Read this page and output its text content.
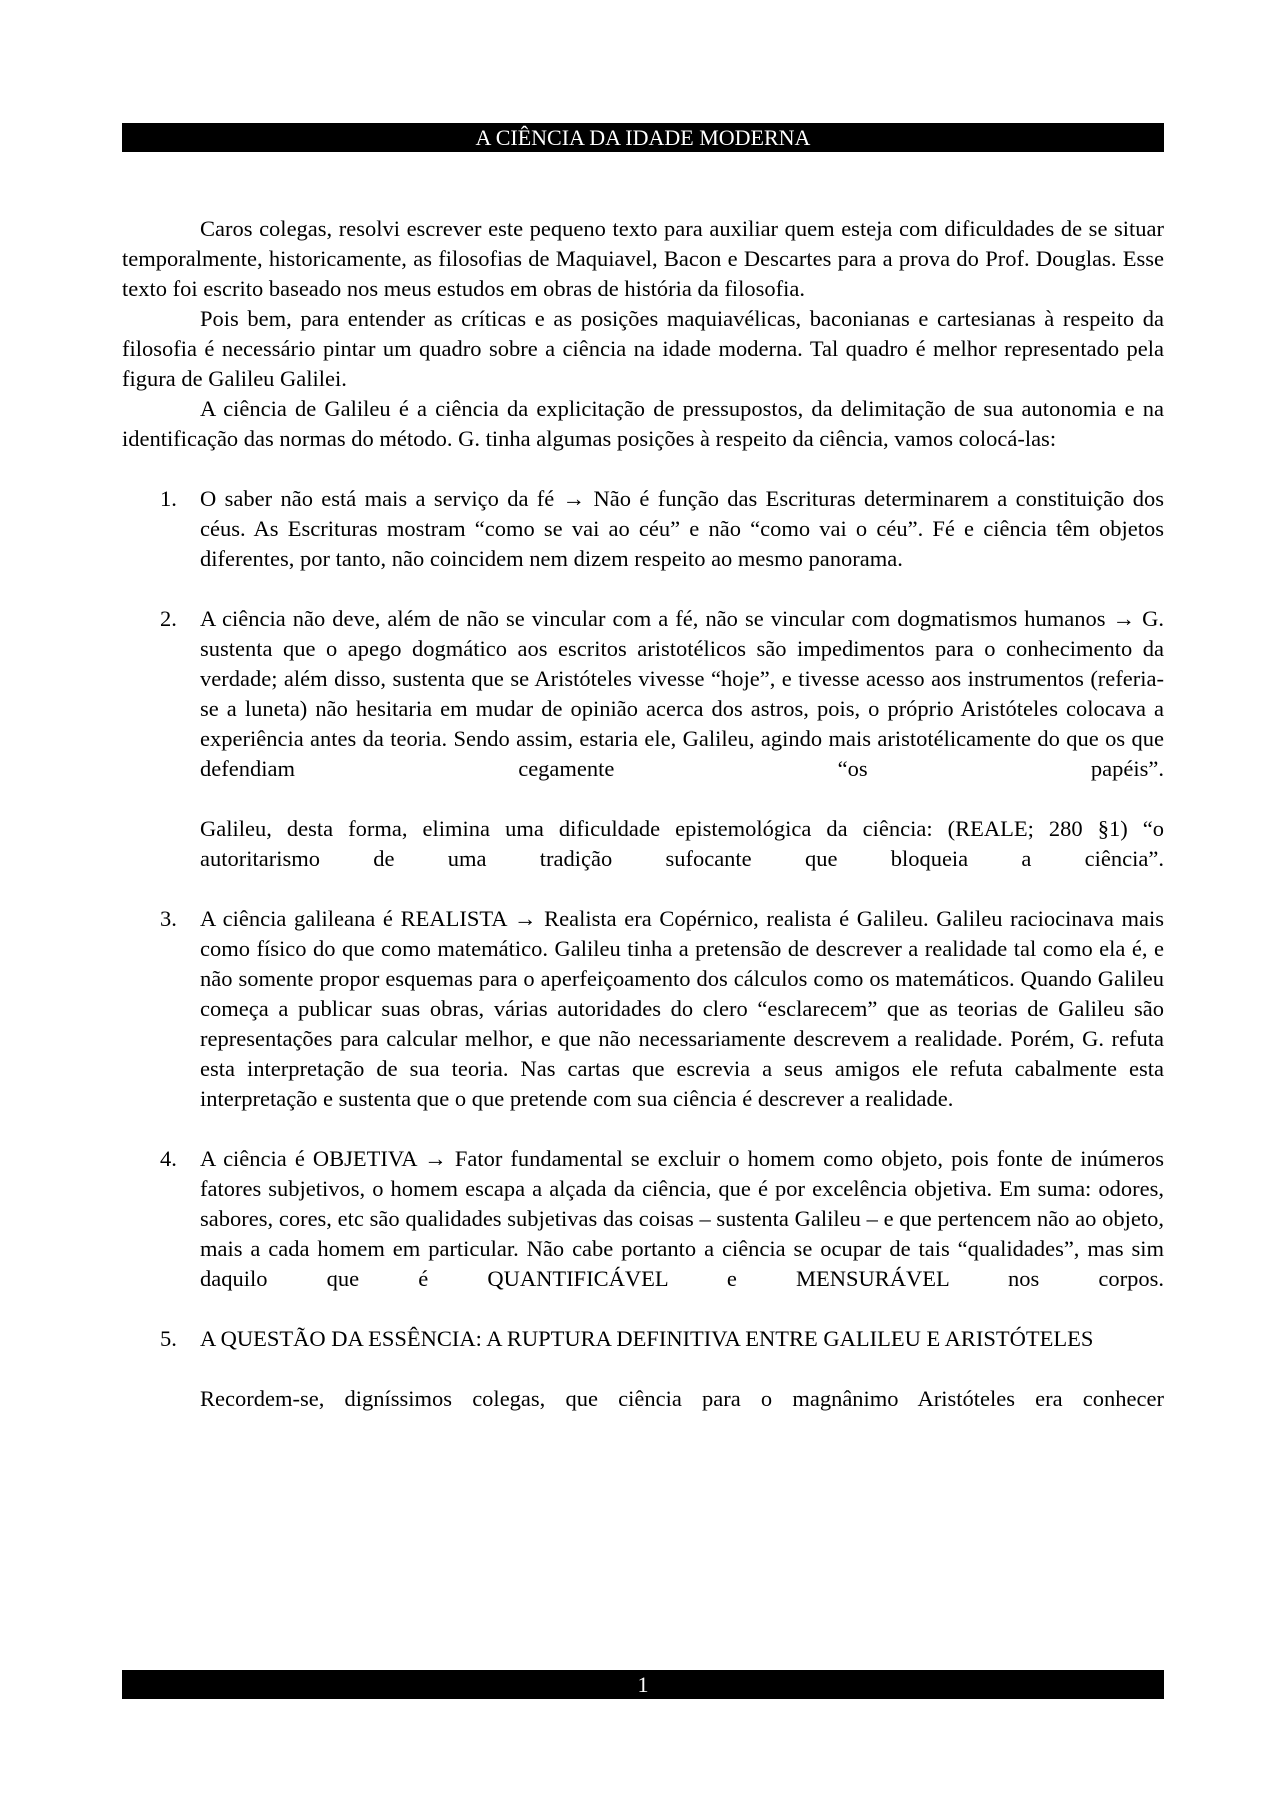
A CIÊNCIA DA IDADE MODERNA

Caros colegas, resolvi escrever este pequeno texto para auxiliar quem esteja com dificuldades de se situar temporalmente, historicamente, as filosofias de Maquiavel, Bacon e Descartes para a prova do Prof. Douglas. Esse texto foi escrito baseado nos meus estudos em obras de história da filosofia.

Pois bem, para entender as críticas e as posições maquiavélicas, baconianas e cartesianas à respeito da filosofia é necessário pintar um quadro sobre a ciência na idade moderna. Tal quadro é melhor representado pela figura de Galileu Galilei.

A ciência de Galileu é a ciência da explicitação de pressupostos, da delimitação de sua autonomia e na identificação das normas do método. G. tinha algumas posições à respeito da ciência, vamos colocá-las:

1. O saber não está mais a serviço da fé → Não é função das Escrituras determinarem a constituição dos céus. As Escrituras mostram “como se vai ao céu” e não “como vai o céu”. Fé e ciência têm objetos diferentes, por tanto, não coincidem nem dizem respeito ao mesmo panorama.

2. A ciência não deve, além de não se vincular com a fé, não se vincular com dogmatismos humanos → G. sustenta que o apego dogmático aos escritos aristotélicos são impedimentos para o conhecimento da verdade; além disso, sustenta que se Aristóteles vivesse “hoje”, e tivesse acesso aos instrumentos (referia-se a luneta) não hesitaria em mudar de opinião acerca dos astros, pois, o próprio Aristóteles colocava a experiência antes da teoria. Sendo assim, estaria ele, Galileu, agindo mais aristotélicamente do que os que defendiam cegamente “os papéis”.

Galileu, desta forma, elimina uma dificuldade epistemológica da ciência: (REALE; 280 §1) “o autoritarismo de uma tradição sufocante que bloqueia a ciência”.

3. A ciência galileana é REALISTA → Realista era Copérnico, realista é Galileu. Galileu raciocinava mais como físico do que como matemático. Galileu tinha a pretensão de descrever a realidade tal como ela é, e não somente propor esquemas para o aperfeiçoamento dos cálculos como os matemáticos. Quando Galileu começa a publicar suas obras, várias autoridades do clero “esclarecem” que as teorias de Galileu são representações para calcular melhor, e que não necessariamente descrevem a realidade. Porém, G. refuta esta interpretação de sua teoria. Nas cartas que escrevia a seus amigos ele refuta cabalmente esta interpretação e sustenta que o que pretende com sua ciência é descrever a realidade.

4. A ciência é OBJETIVA → Fator fundamental se excluir o homem como objeto, pois fonte de inúmeros fatores subjetivos, o homem escapa a alçada da ciência, que é por excelência objetiva. Em suma: odores, sabores, cores, etc são qualidades subjetivas das coisas – sustenta Galileu – e que pertencem não ao objeto, mais a cada homem em particular. Não cabe portanto a ciência se ocupar de tais “qualidades”, mas sim daquilo que é QUANTIFICÁVEL e MENSURÁVEL nos corpos.

5. A QUESTÃO DA ESSÊNCIA: A RUPTURA DEFINITIVA ENTRE GALILEU E ARISTÓTELES

Recordem-se, digníssimos colegas, que ciência para o magnânimo Aristóteles era conhecer

1
